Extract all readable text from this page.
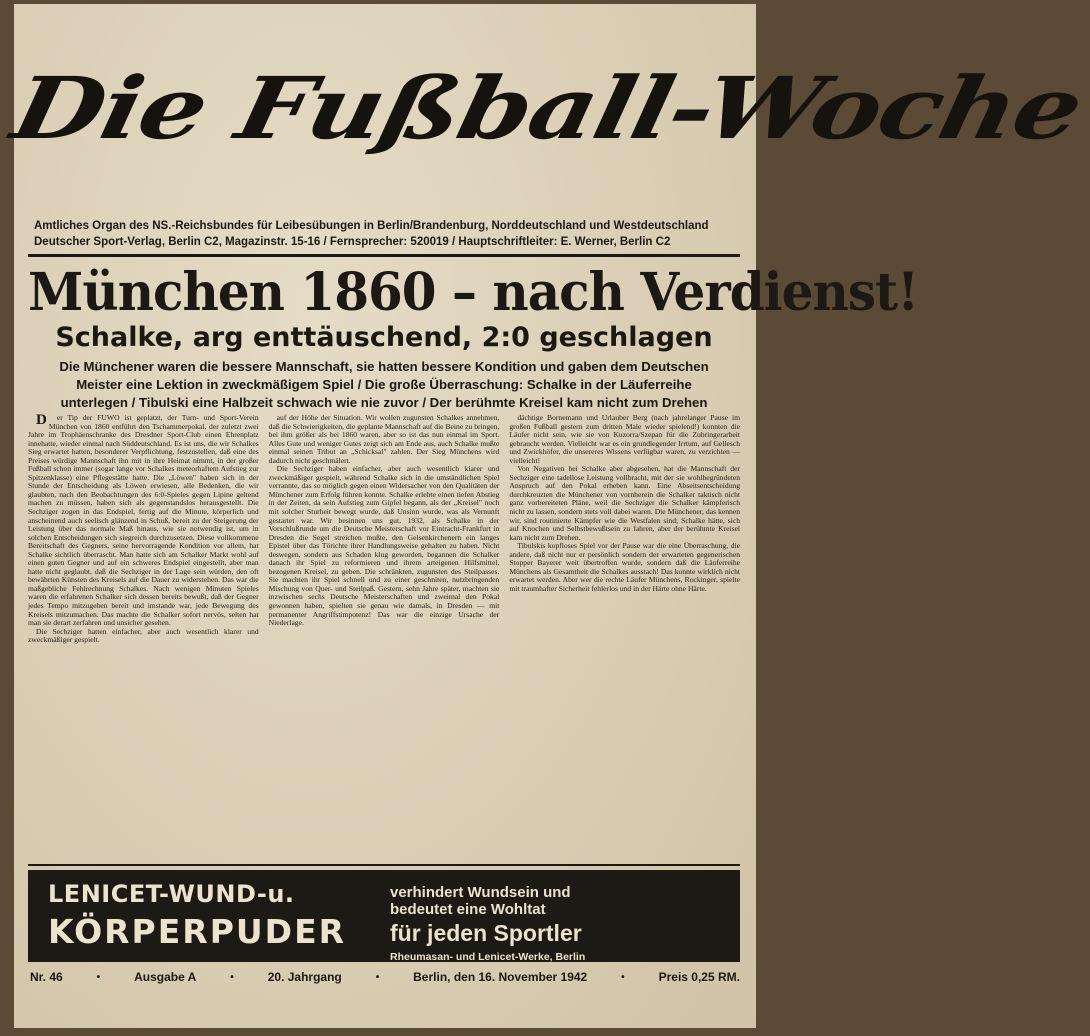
Die Fußball-Woche
Amtliches Organ des NS.-Reichsbundes für Leibesübungen in Berlin/Brandenburg, Norddeutschland und Westdeutschland
Deutscher Sport-Verlag, Berlin C2, Magazinstr. 15-16 / Fernsprecher: 520019 / Hauptschriftleiter: E. Werner, Berlin C2
München 1860 – nach Verdienst!
Schalke, arg enttäuschend, 2:0 geschlagen
Die Münchener waren die bessere Mannschaft, sie hatten bessere Kondition und gaben dem Deutschen
Meister eine Lektion in zweckmäßigem Spiel / Die große Überraschung: Schalke in der Läuferreihe
unterlegen / Tibulski eine Halbzeit schwach wie nie zuvor / Der berühmte Kreisel kam nicht zum Drehen

D er Tip der FUWO ist geplatzt, der Turn- und Sport-Verein München von 1860 entführt den Tschammerpokal, der zuletzt zwei Jahre im Trophäenschranke des Dresdner Sport-Club einen Ehrenplatz innehatte, wieder einmal nach Süddeutschland. Es ist uns, die wir Schalkes Sieg erwartet hatten, besonderer Verpflichtung, festzustellen, daß eine des Preises würdige Mannschaft ihn mit in ihre Heimat nimmt, in der großer Fußball schon immer (sogar lange vor Schalkes meteorhaftem Aufstieg zur Spitzenklasse) eine Pflegestätte hatte. Die „Löwen" haben sich in der Stunde der Entscheidung als Löwen erwiesen, alle Bedenken, die wir glaubten, nach den Beobachtungen des 6:0-Spieles gegen Lipine geltend machen zu müssen, haben sich als gegenstandslos herausgestellt. Die Sechziger zogen in das Endspiel, fertig auf die Minute, körperlich und anscheinend auch seelisch glänzend in Schuß, bereit zu der Steigerung der Leistung über das normale Maß hinaus, wie sie notwendig ist, um in solchen Entscheidungen sich siegreich durchzusetzen. Diese vollkommene Bereitschaft des Gegners, seine hervorragende Kondition vor allem, hat Schalke sichtlich überrascht. Man hatte sich am Schalker Markt wohl auf einen guten Gegner und auf ein schweres Endspiel eingestellt, aber man hatte nicht geglaubt, daß die Sechziger in der Lage sein würden, den oft bewährten Künsten des Kreisels auf die Dauer zu widerstehen. Das war die maßgebliche Fehlrechnung Schalkes. Nach wenigen Minuten Spieles waren die erfahrenen Schalker sich dessen bereits bewußt, daß der Gegner jedes Tempo mitzugehen bereit und imstande war, jede Bewegung des Kreisels mitzumachen. Das machte die Schalker sofort nervös, selten hat man sie derart zerfahren und unsicher gesehen.

Die Sechziger hatten einfacher, aber auch wesentlich klarer und zweckmäßiger gespielt.

auf der Höhe der Situation. Wir wollen zugunsten Schalkes annehmen, daß die Schwierigkeiten, die geplante Mannschaft auf die Beine zu bringen, bei ihm größer als bei 1860 waren, aber so ist das nun einmal im Sport. Alles Gute und weniger Gutes zeigt sich am Ende aus, auch Schalke mußte einmal seinen Tribut an „Schicksal" zahlen. Der Sieg Münchens wird dadurch nicht geschmälert.

Die Sechziger haben einfacher, aber auch wesentlich klarer und zweckmäßiger gespielt, während Schalke sich in die umständlichen Spiel verrannte, das so möglich gegen einen Widersacher von den Qualitäten der Münchener zum Erfolg führen konnte. Schalke erlebte einen tiefen Abstieg in der Zeiten, da sein Aufstieg zum Gipfel begann, als der „Kreisel" noch mit solcher Sturheit bewegt wurde, daß Unsinn wurde, was als Vernunft gestartet war. Wir besinnen uns gut, 1932, als Schalke in der Vorschlußrunde um die Deutsche Meisterschaft vor Eintracht-Frankfurt in Dresden die Segel streichen mußte, den Gelsenkirchenern ein langes Epistel über das Törichte ihrer Handlungsweise gehalten zu haben. Nicht deswegen, sondern aus Schaden klug geworden, begannen die Schalker danach ihr Spiel zu reformieren und ihrem arteigenen Hilfsmittel, bezogenen Kreisel, zu geben. Die schränkten, zugunsten des Steilpasses. Sie machten ihr Spiel schnell und zu einer geschniten, nutzbringenden Mischung von Quer- und Steilpaß. Gestern, sehn Jahre später, machten sie inzwischen sechs Deutsche Meisterschaften und zweimal den Pokal gewonnen haben, spielten sie genau wie damals, in Dresden — mit permanenter Angriffstimpotenz! Das war die einzige Ursache der Niederlage.

dächtige Bornemann und Urlauber Berg (nach jahrelanger Pause im großen Fußball gestern zum dritten Male wieder spielend!) konnten die Läufer nicht sein, wie sie von Kuzorra/Szepan für die Zubringerarbeit gebraucht werden. Vielleicht war es ein grundlegender Irrtum, auf Gellesch und Zwickhöfer, die unsereres Wissens verfügbar waren, zu verzichten — vielleicht!

Von Negativen bei Schalke aber abgesehen, hat die Mannschaft der Sechziger eine tadellose Leistung vollbracht, mit der sie wohlbegründeten Anspruch auf den Pokal erheben kann. Eine Abseitsentscheidung durchkreuzten die Münchener von vornherein die Schalker taktisch nicht ganz vorbereiteten Pläne, weil die Sechziger die Schalker kämpferisch nicht zu lassen, sondern stets voll dabei waren. Die Münchener, das kennen wir, sind routinierte Kämpfer wie die Westfalen sind; Schalke hätte, sich auf Knochen und Selbstbewußtsein zu fahren, aber der berühmte Kreisel kam nicht zum Drehen.

Tibulskis kopfloses Spiel vor der Pause war die eine Überraschung, die andere, daß nicht nur er persönlich sondern der erwarteten gegenerischen Stopper Bayerer weit übertroffen wurde, sondern daß die Läuferreihe Münchens als Gesamtheit die Schalkes ausstach! Das konnte wirklich nicht erwartet werden. Aber wer die rechte Läufer Münchens, Rockinger, spielte mit traumhafter Sicherheit fehlerlos und in der Härte ohne Härte.

LENICET-WUND-u.
KÖRPERPUDER
verhindert Wundsein und
bedeutet eine Wohltat
für jeden Sportler
Rheumasan- und Lenicet-Werke, Berlin
Nr. 46	•	Ausgabe A	•	20. Jahrgang	•	Berlin, den 16. November 1942	•	Preis 0,25 RM.
